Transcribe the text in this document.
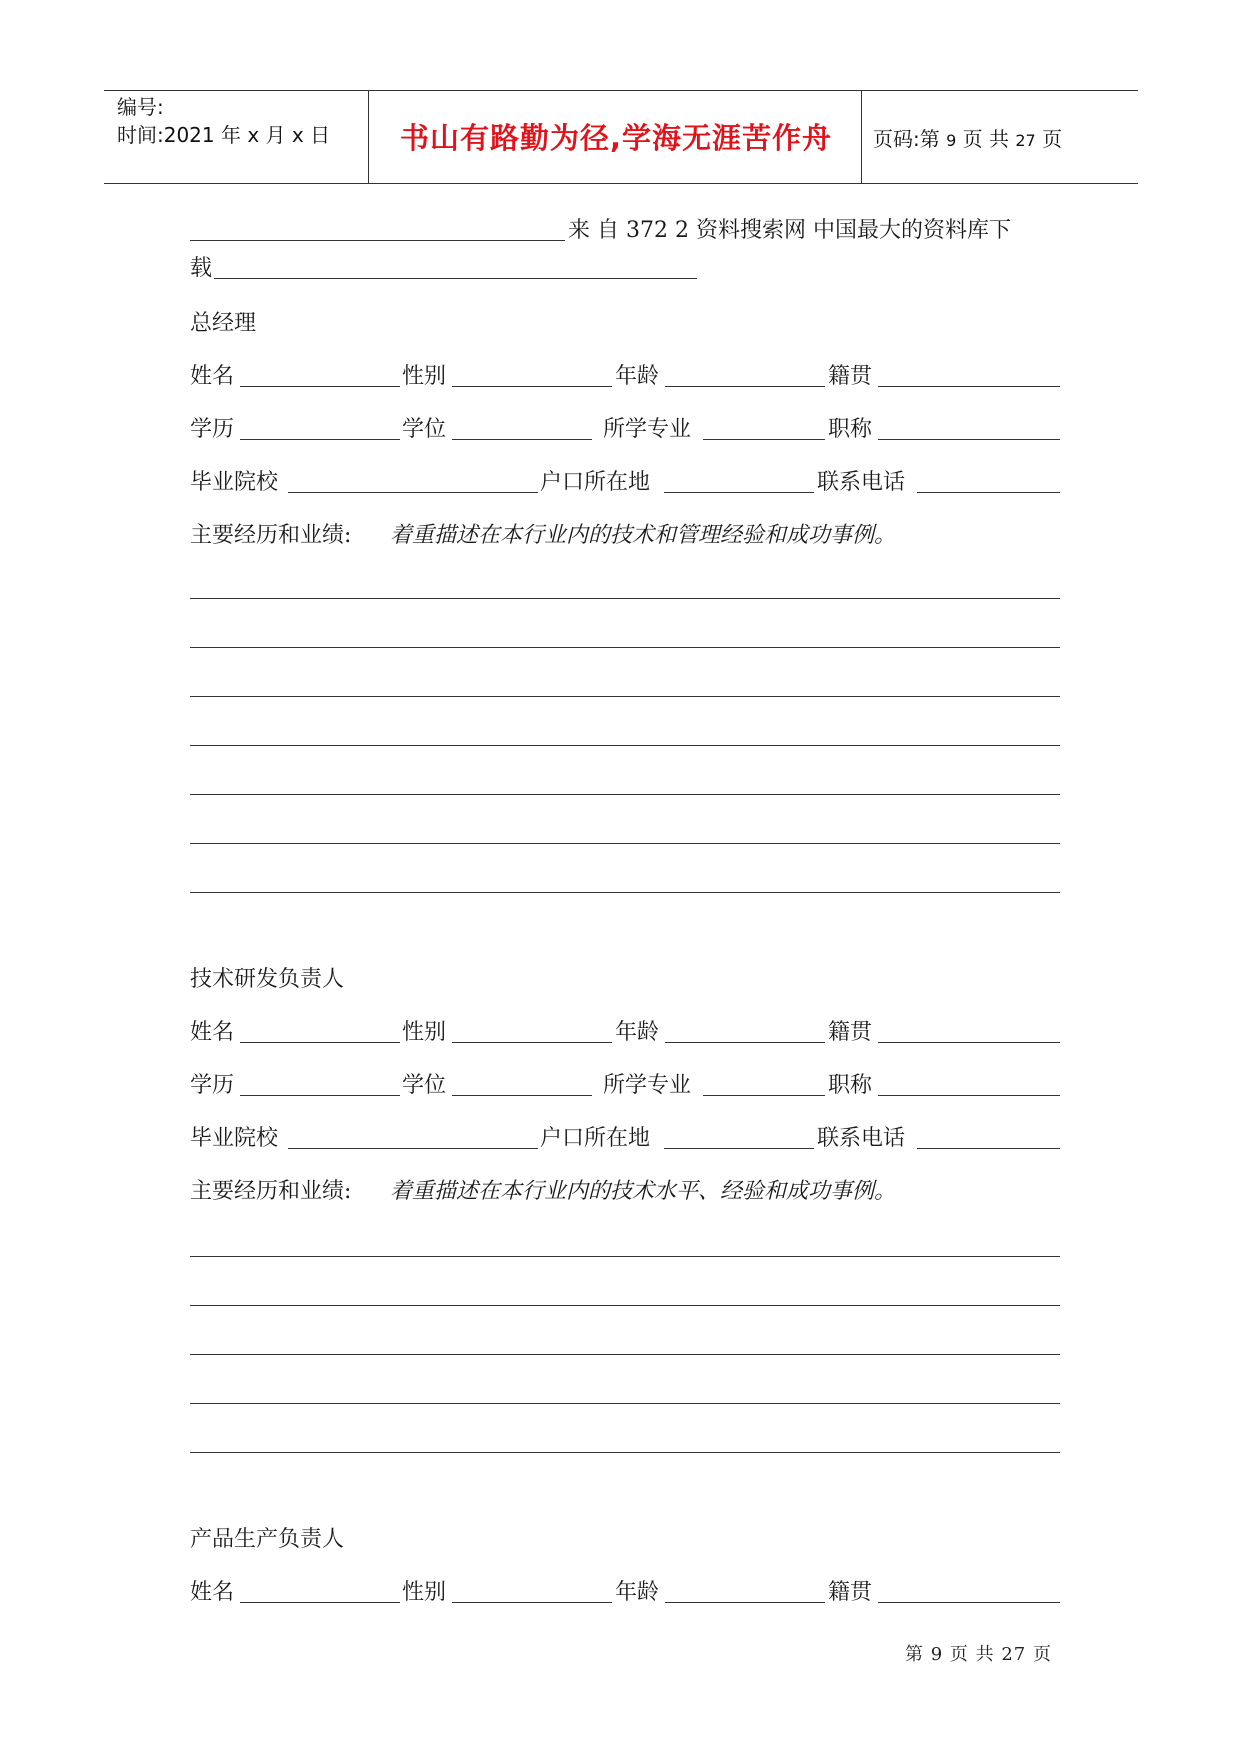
编号:
时间:2021 年 x 月 x 日	书山有路勤为径,学海无涯苦作舟	页码:第 9 页 共 27 页
来 自 372 2 资料搜索网 中国最大的资料库下
载
总经理
姓名	性别	年龄	籍贯
学历	学位	所学专业	职称
毕业院校	户口所在地	联系电话
主要经历和业绩: 着重描述在本行业内的技术和管理经验和成功事例。
技术研发负责人
姓名	性别	年龄	籍贯
学历	学位	所学专业	职称
毕业院校	户口所在地	联系电话
主要经历和业绩: 着重描述在本行业内的技术水平、经验和成功事例。
产品生产负责人
姓名	性别	年龄	籍贯
第 9 页 共 27 页
